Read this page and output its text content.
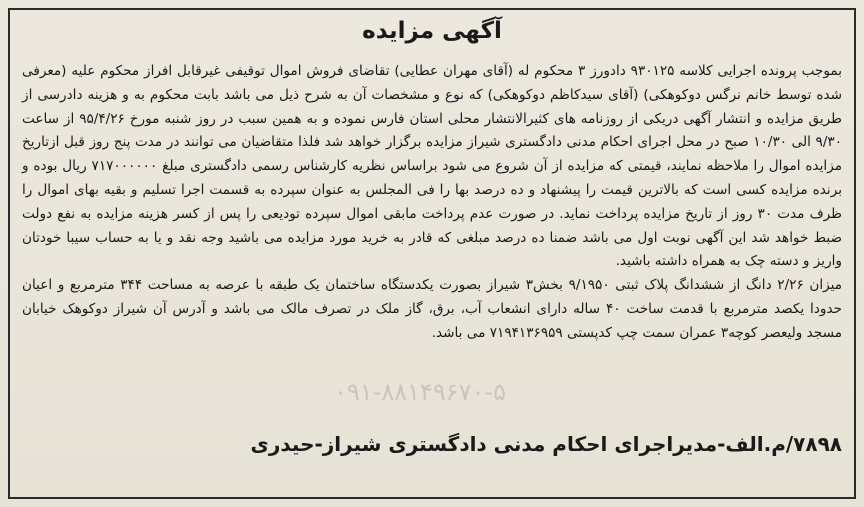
آگهی مزایده

بموجب پرونده اجرایی کلاسه ۹۳۰۱۲۵ دادورز ۳ محکوم له (آقای مهران عطایی) تقاضای فروش اموال توقیفی غیرقابل افراز محکوم علیه (معرفی شده توسط خانم نرگس دوکوهکی) (آقای سیدکاظم دوکوهکی) که نوع و مشخصات آن به شرح ذیل می باشد بابت محکوم به و هزینه دادرسی از طریق مزایده و انتشار آگهی دریکی از روزنامه های کثیرالانتشار محلی استان فارس نموده و به همین سبب در روز شنبه مورخ ۹۵/۴/۲۶ از ساعت ۹/۳۰ الی ۱۰/۳۰ صبح در محل اجرای احکام مدنی دادگستری شیراز مزایده برگزار خواهد شد فلذا متقاضیان می توانند در مدت پنج روز قبل ازتاریخ مزایده اموال را ملاحظه نمایند، قیمتی که مزایده از آن شروع می شود براساس نظریه کارشناس رسمی دادگستری مبلغ ۷۱۷۰۰۰۰۰۰ ریال بوده و برنده مزایده کسی است که بالاترین قیمت را پیشنهاد و ده درصد بها را فی المجلس به عنوان سپرده به قسمت اجرا تسلیم و بقیه بهای اموال را ظرف مدت ۳۰ روز از تاریخ مزایده پرداخت نماید. در صورت عدم پرداخت مابقی اموال سپرده تودیعی را پس از کسر هزینه مزایده به نفع دولت ضبط خواهد شد این آگهی نوبت اول می باشد ضمنا ده درصد مبلغی که قادر به خرید مورد مزایده می باشید وجه نقد و یا به حساب سیبا خودتان واریز و دسته چک به همراه داشته باشید.

میزان ۲/۲۶ دانگ از ششدانگ پلاک ثبتی ۹/۱۹۵۰ بخش۳ شیراز بصورت یکدستگاه ساختمان یک طبقه با عرصه به مساحت ۳۴۴ مترمربع و اعیان حدودا یکصد مترمربع با قدمت ساخت ۴۰ ساله دارای انشعاب آب، برق، گاز ملک در تصرف مالک می باشد و آدرس آن شیراز دوکوهک خیابان مسجد ولیعصر کوچه۳ عمران سمت چپ کدپستی ۷۱۹۴۱۳۶۹۵۹ می باشد.

۰۹۱-۸۸۱۴۹۶۷۰-۵
۷۸۹۸/م.الف-مدیراجرای احکام مدنی دادگستری شیراز-حیدری
